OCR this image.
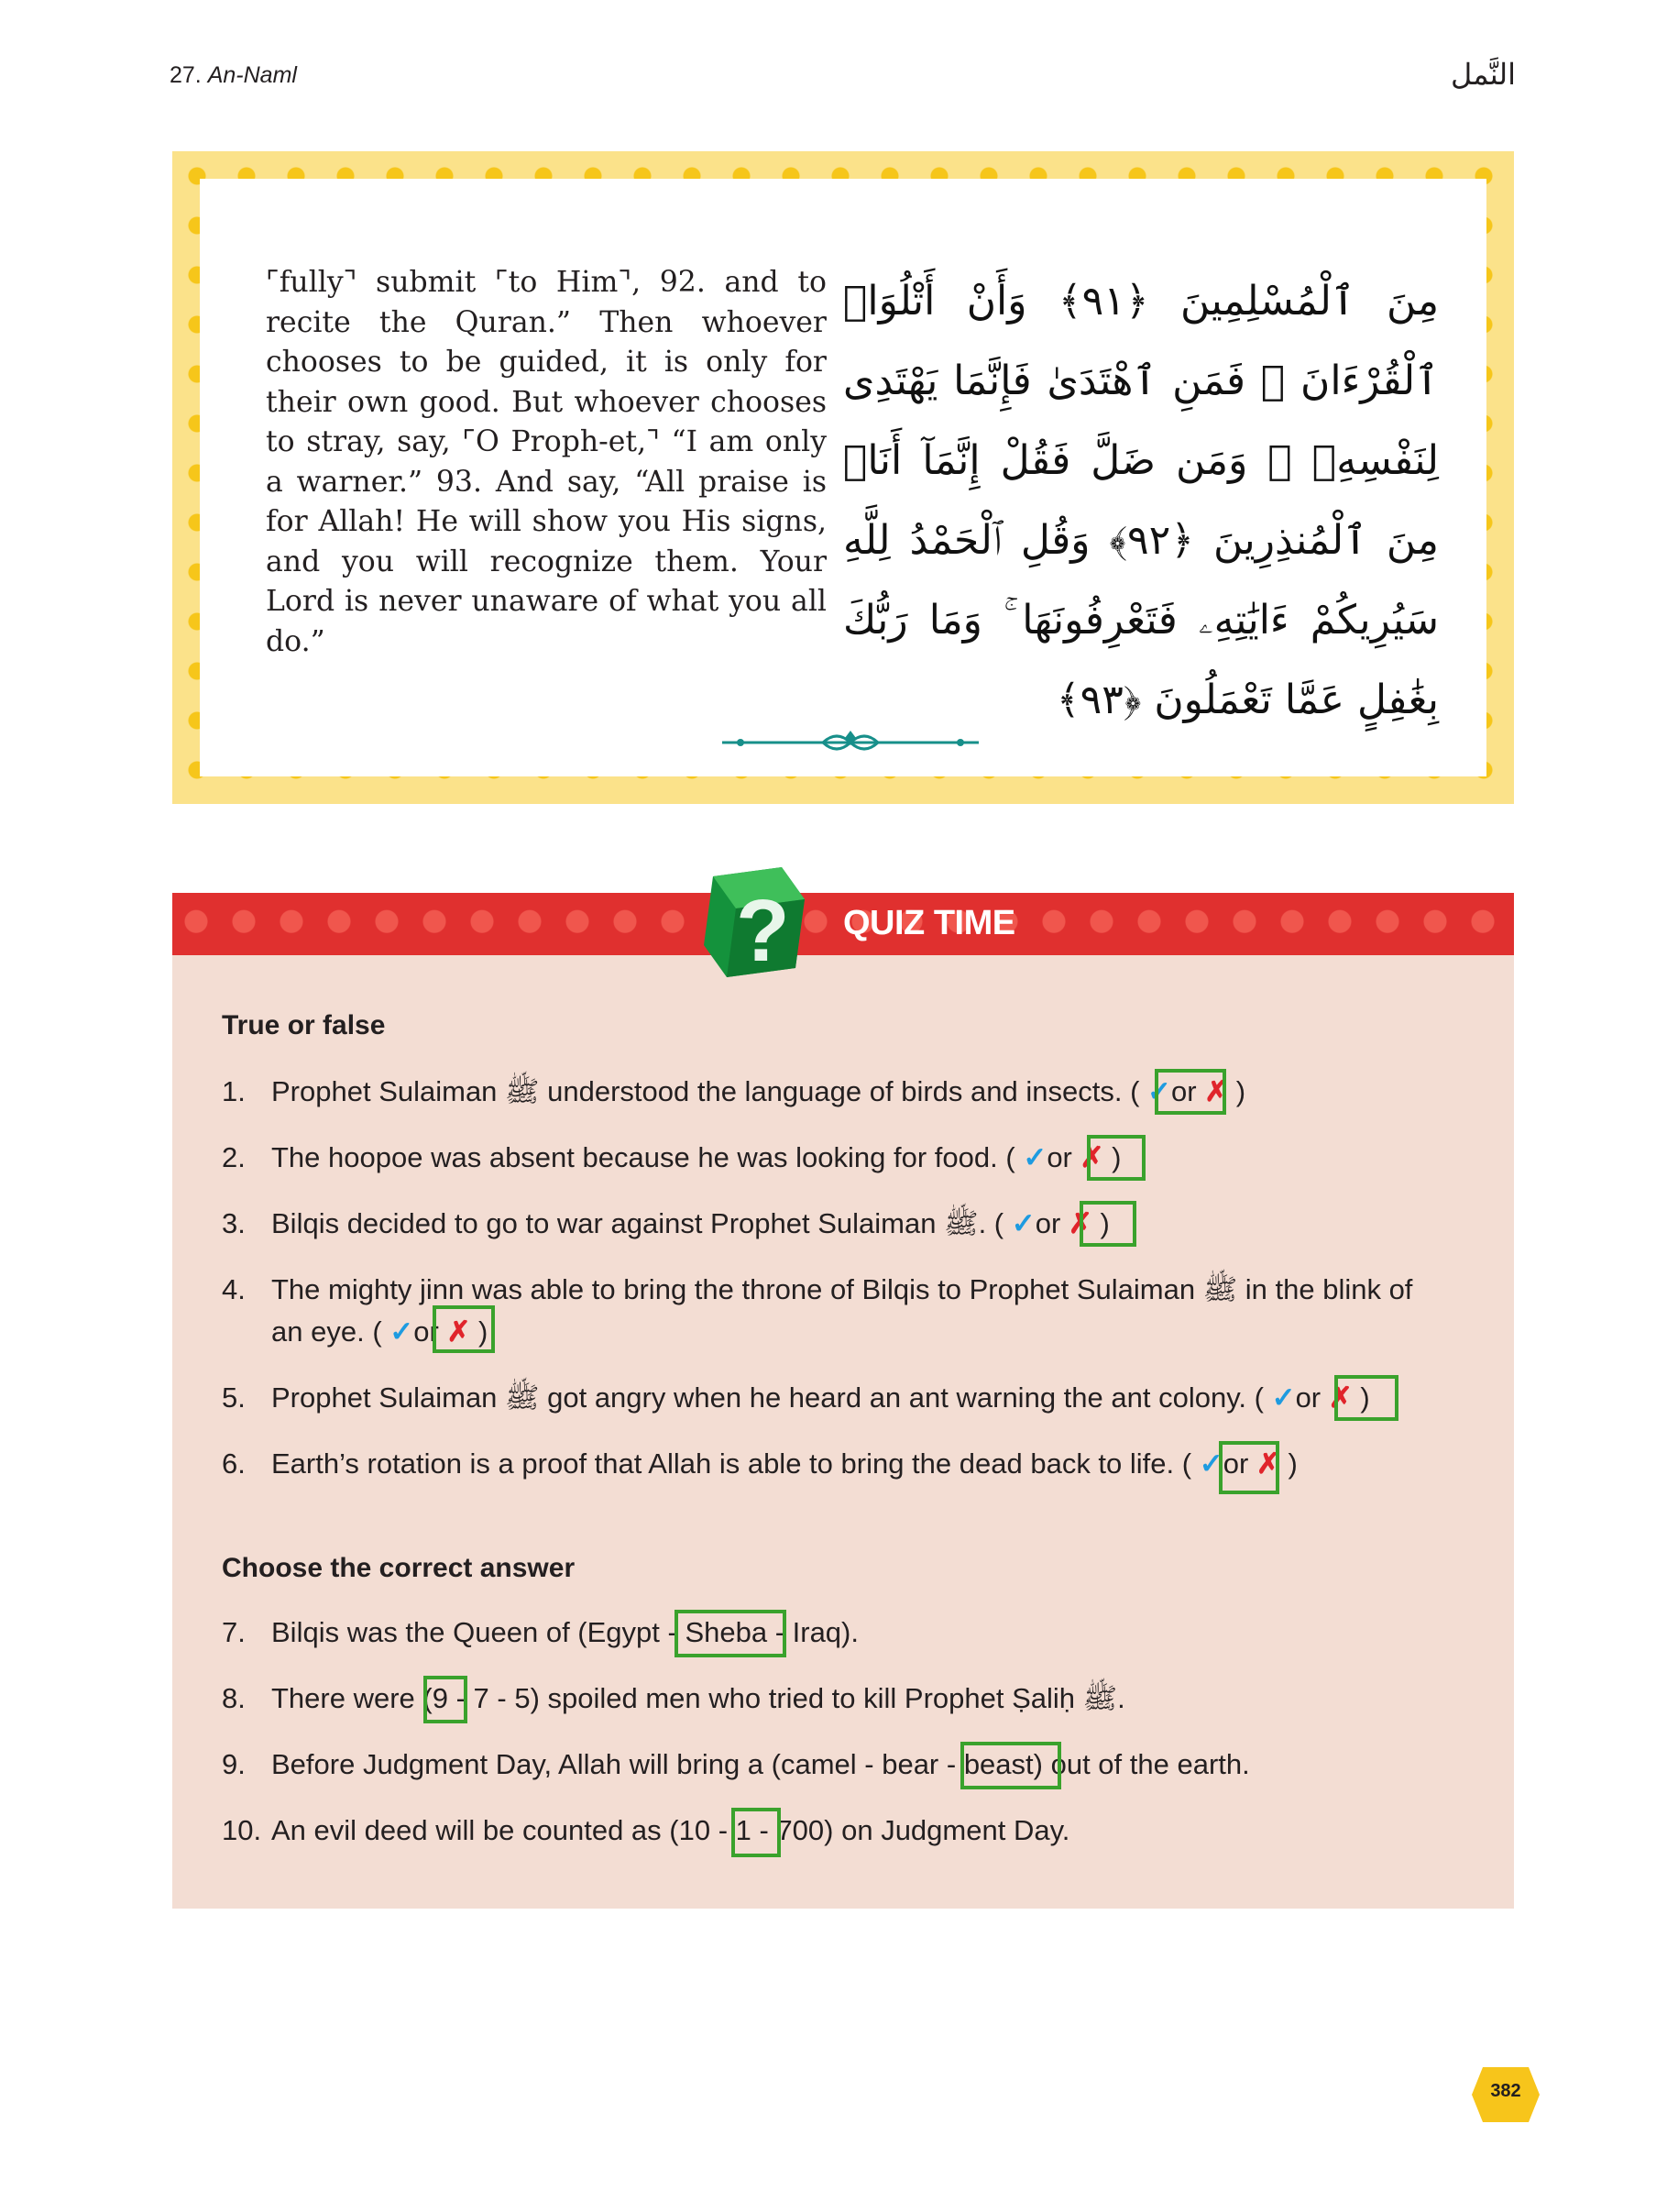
27. An-Naml	النَّمل
⌜fully⌝ submit ⌜to Him⌝, 92. and to recite the Quran.” Then whoever chooses to be guided, it is only for their own good. But whoever chooses to stray, say, ⌜O Proph-et,⌝ “I am only a warner.” 93. And say, “All praise is for Allah! He will show you His signs, and you will recognize them. Your Lord is never unaware of what you all do.”
مِنَ ٱلْمُسْلِمِينَ ﴿٩١﴾ وَأَنْ أَتْلُوَا۟ ٱلْقُرْءَانَ ۖ فَمَنِ ٱهْتَدَىٰ فَإِنَّمَا يَهْتَدِى لِنَفْسِهِۦ ۖ وَمَن ضَلَّ فَقُلْ إِنَّمَآ أَنَا۠ مِنَ ٱلْمُنذِرِينَ ﴿٩٢﴾ وَقُلِ ٱلْحَمْدُ لِلَّهِ سَيُرِيكُمْ ءَايَٰتِهِۦ فَتَعْرِفُونَهَا ۚ وَمَا رَبُّكَ بِغَٰفِلٍ عَمَّا تَعْمَلُونَ ﴿٩٣﴾
? QUIZ TIME
True or false
1. Prophet Sulaiman ﷺ understood the language of birds and insects. ( ✓or ✗ )
2. The hoopoe was absent because he was looking for food. ( ✓or ✗ )
3. Bilqis decided to go to war against Prophet Sulaiman ﷺ. ( ✓or ✗ )
4. The mighty jinn was able to bring the throne of Bilqis to Prophet Sulaiman ﷺ in the blink of
an eye. ( ✓or ✗ )
5. Prophet Sulaiman ﷺ got angry when he heard an ant warning the ant colony. ( ✓or ✗ )
6. Earth’s rotation is a proof that Allah is able to bring the dead back to life. ( ✓or ✗ )
Choose the correct answer
7. Bilqis was the Queen of (Egypt - Sheba - Iraq).
8. There were (9 - 7 - 5) spoiled men who tried to kill Prophet Ṣaliḥ ﷺ.
9. Before Judgment Day, Allah will bring a (camel - bear - beast) out of the earth.
10. An evil deed will be counted as (10 - 1 - 700) on Judgment Day.
382
